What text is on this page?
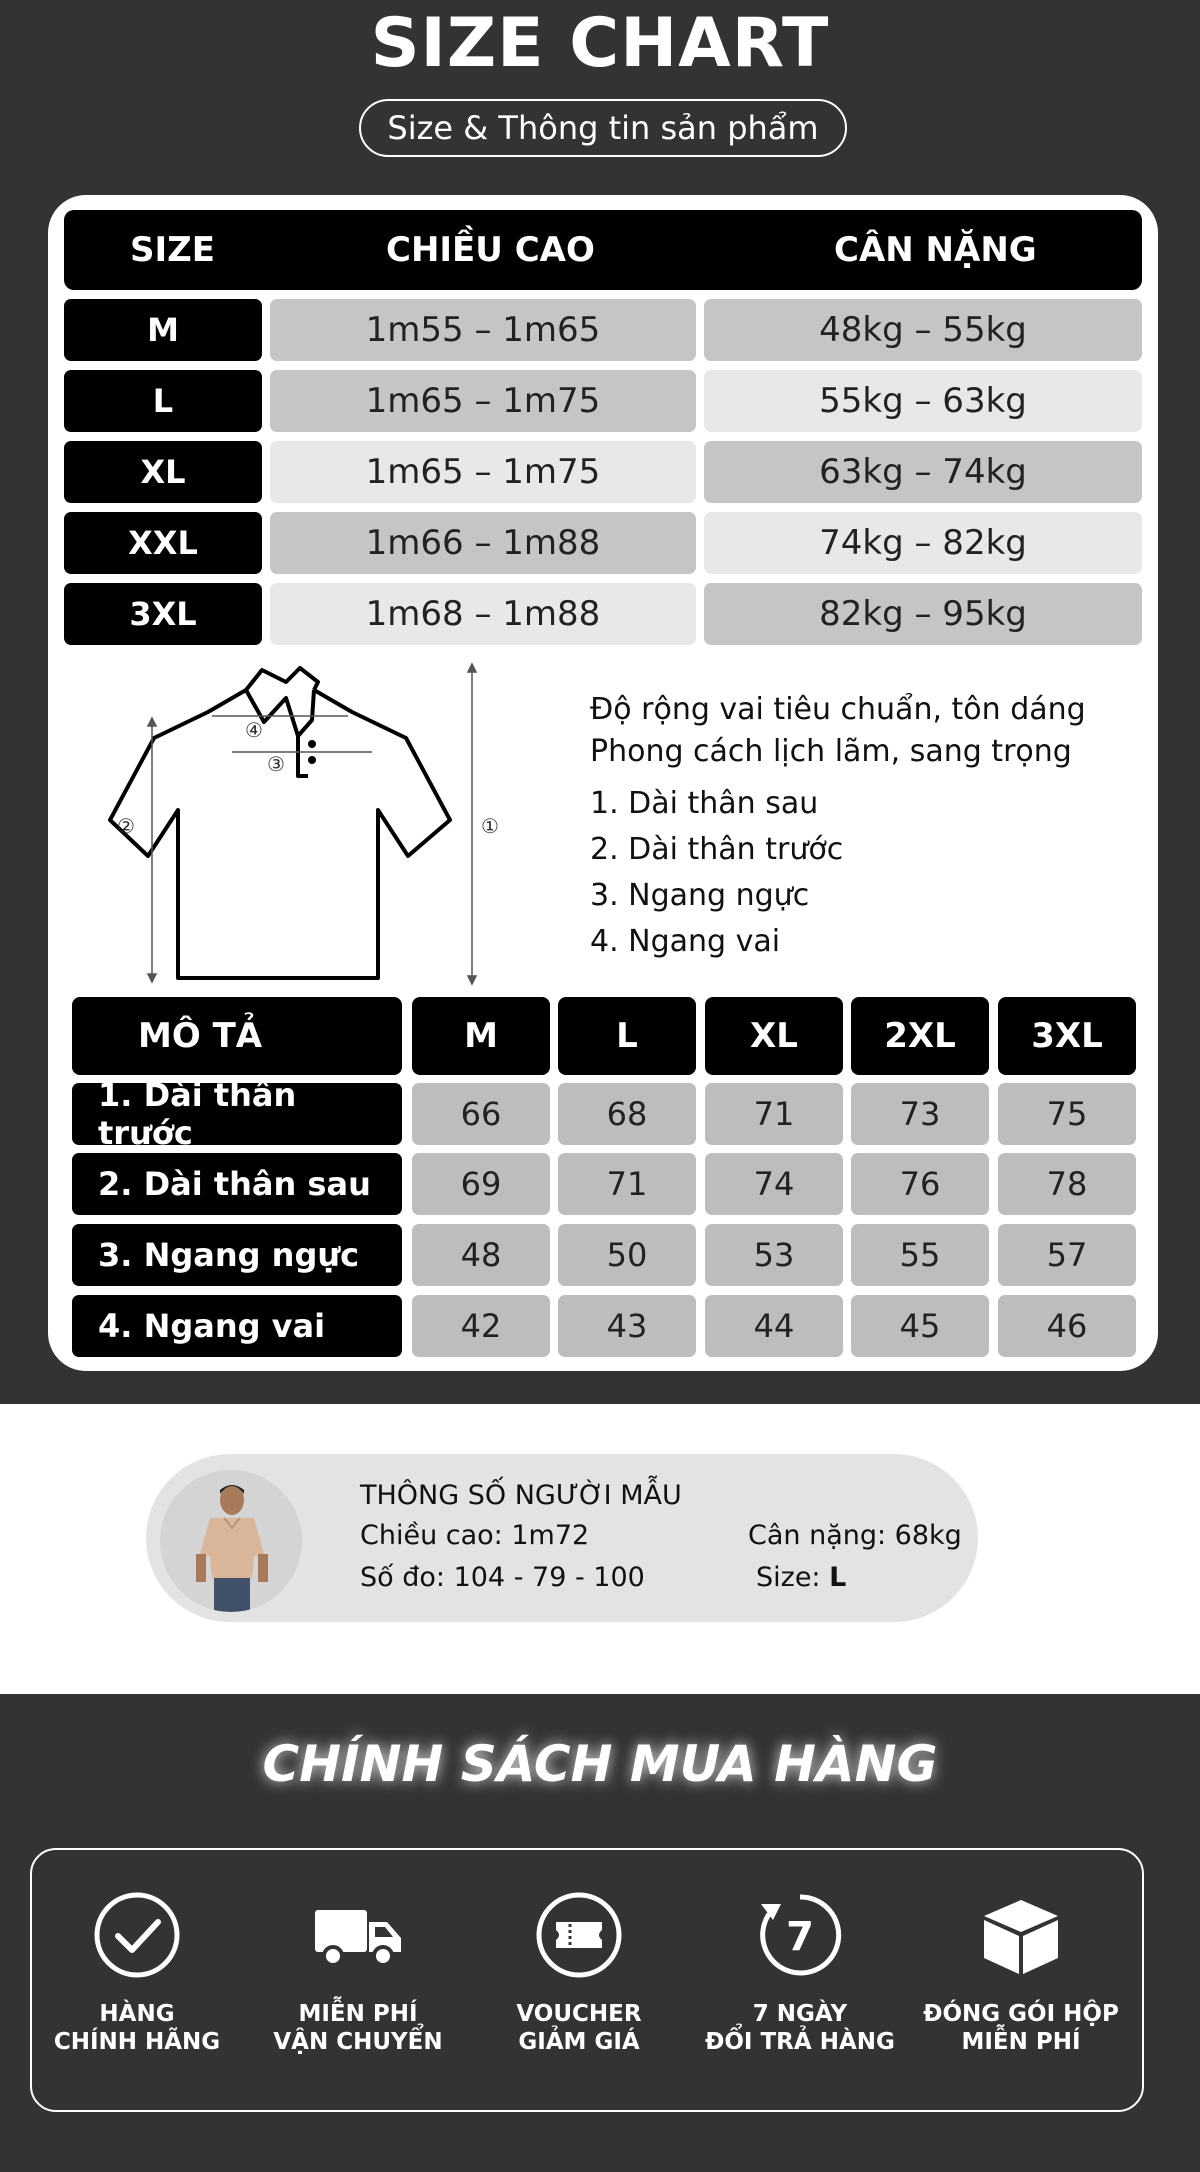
SIZE CHART
Size & Thông tin sản phẩm
SIZE	CHIỀU CAO	CÂN NẶNG
M	1m55 – 1m65	48kg – 55kg
L	1m65 – 1m75	55kg – 63kg
XL	1m65 – 1m75	63kg – 74kg
XXL	1m66 – 1m88	74kg – 82kg
3XL	1m68 – 1m88	82kg – 95kg
②	①
③
④
Độ rộng vai tiêu chuẩn, tôn dáng
Phong cách lịch lãm, sang trọng
1. Dài thân sau
2. Dài thân trước
3. Ngang ngực
4. Ngang vai
MÔ TẢ	M	L	XL	2XL	3XL
1. Dài thân trước	66	68	71	73	75
2. Dài thân sau	69	71	74	76	78
3. Ngang ngực	48	50	53	55	57
4. Ngang vai	42	43	44	45	46
THÔNG SỐ NGƯỜI MẪU
Chiều cao: 1m72
Số đo: 104 - 79 - 100
Cân nặng: 68kg
Size: L
CHÍNH SÁCH MUA HÀNG
HÀNG
CHÍNH HÃNG
MIỄN PHÍ
VẬN CHUYỂN
VOUCHER
GIẢM GIÁ
7
7 NGÀY
ĐỔI TRẢ HÀNG
ĐÓNG GÓI HỘP
MIỄN PHÍ
